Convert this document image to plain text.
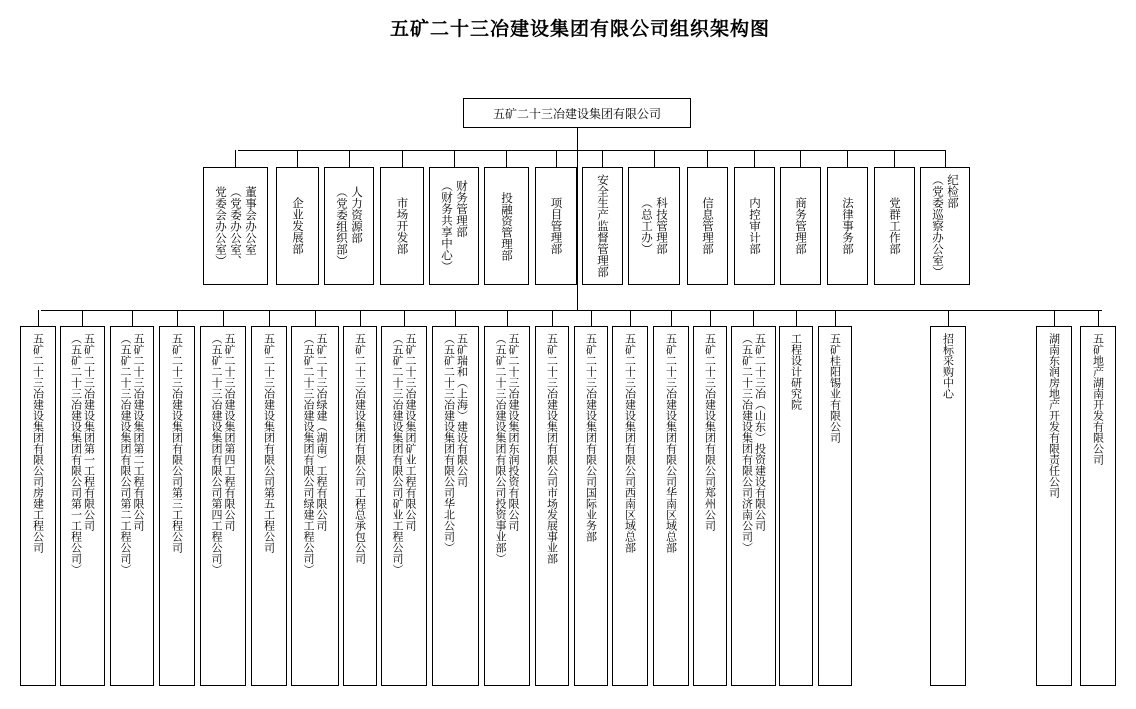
五矿二十三冶建设集团有限公司组织架构图
五矿二十三冶建设集团有限公司
董事会办公室
（党委办公室、
党委会办公室）	企业发展部	人力资源部
（党委组织部）	市场开发部	财务管理部
（财务共享中心）	投融资管理部	项目管理部	安全生产监督管理部	科技管理部
（总工办）	信息管理部	内控审计部	商务管理部	法律事务部	党群工作部
纪检部
（党委巡察办公室）
五矿二十三冶建设集团有限公司房建工程公司	五矿二十三冶建设集团第一工程有限公司
（五矿二十三冶建设集团有限公司第一工程公司）	五矿二十三冶建设集团第二工程有限公司
（五矿二十三冶建设集团有限公司第二工程公司）	五矿二十三冶建设集团有限公司第三工程公司	五矿二十三冶建设集团第四工程有限公司
（五矿二十三冶建设集团有限公司第四工程公司）	五矿二十三冶建设集团有限公司第五工程公司	五矿二十三冶绿建（湖南）工程有限公司
（五矿二十三冶建设集团有限公司绿建工程公司）	五矿二十三冶建设集团有限公司工程总承包公司	五矿二十三冶建设集团矿业工程有限公司
（五矿二十三冶建设集团有限公司矿业工程公司）	五矿瑞和（上海）建设有限公司
（五矿二十三冶建设集团有限公司华北公司）	五矿二十三冶建设集团东润投资有限公司
（五矿二十三冶建设集团有限公司投资事业部）	五矿二十三冶建设集团有限公司市场发展事业部 五矿二十三冶建设集团有限公司国际业务部 五矿二十三冶建设集团有限公司西南区域总部	五矿二十三冶建设集团有限公司华南区域总部 五矿二十三冶建设集团有限公司郑州公司	五矿二十三冶（山东）投资建设有限公司
（五矿二十三冶建设集团有限公司济南公司）	工程设计研究院 五矿桂阳锡业有限公司	招标采购中心	湖南东润房地产开发有限责任公司	五矿地产湖南开发有限公司
